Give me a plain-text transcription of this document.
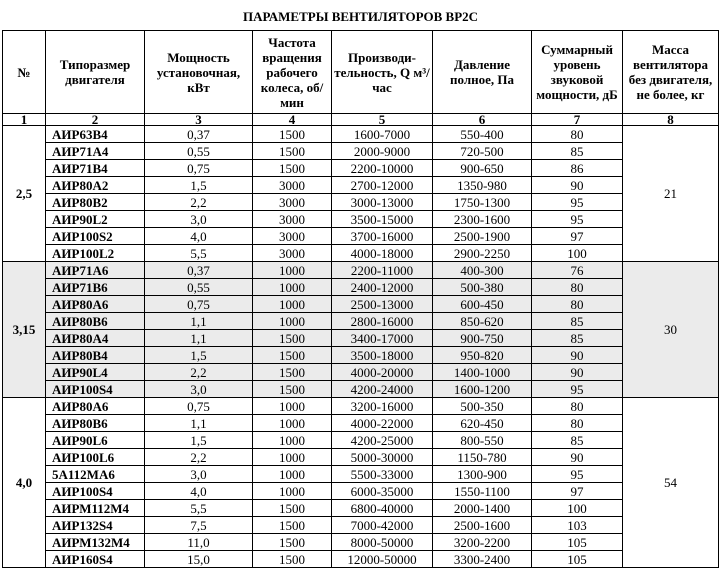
ПАРАМЕТРЫ ВЕНТИЛЯТОРОВ ВР2С
№	Типоразмер двигателя	Мощность установочная, кВт	Частота вращения рабочего колеса, об/мин	Производи-тельность, Q м³/час	Давление полное, Па	Суммарный уровень звуковой мощности, дБ	Масса вентилятора без двигателя, не более, кг
1	2	3	4	5	6	7	8
2,5	АИР63В4	0,37	1500	1600-7000	550-400	80	21
	АИР71А4	0,55	1500	2000-9000	720-500	85	
	АИР71В4	0,75	1500	2200-10000	900-650	86	
	АИР80А2	1,5	3000	2700-12000	1350-980	90	
	АИР80В2	2,2	3000	3000-13000	1750-1300	95	
	АИР90L2	3,0	3000	3500-15000	2300-1600	95	
	АИР100S2	4,0	3000	3700-16000	2500-1900	97	
	АИР100L2	5,5	3000	4000-18000	2900-2250	100	
3,15	АИР71А6	0,37	1000	2200-11000	400-300	76	30
	АИР71В6	0,55	1000	2400-12000	500-380	80	
	АИР80А6	0,75	1000	2500-13000	600-450	80	
	АИР80В6	1,1	1000	2800-16000	850-620	85	
	АИР80А4	1,1	1500	3400-17000	900-750	85	
	АИР80В4	1,5	1500	3500-18000	950-820	90	
	АИР90L4	2,2	1500	4000-20000	1400-1000	90	
	АИР100S4	3,0	1500	4200-24000	1600-1200	95	
4,0	АИР80А6	0,75	1000	3200-16000	500-350	80	54
	АИР80В6	1,1	1000	4000-22000	620-450	80	
	АИР90L6	1,5	1000	4200-25000	800-550	85	
	АИР100L6	2,2	1000	5000-30000	1150-780	90	
	5А112МА6	3,0	1000	5500-33000	1300-900	95	
	АИР100S4	4,0	1000	6000-35000	1550-1100	97	
	АИРМ112М4	5,5	1500	6800-40000	2000-1400	100	
	АИР132S4	7,5	1500	7000-42000	2500-1600	103	
	АИРМ132М4	11,0	1500	8000-50000	3200-2200	105	
	АИР160S4	15,0	1500	12000-50000	3300-2400	105	
